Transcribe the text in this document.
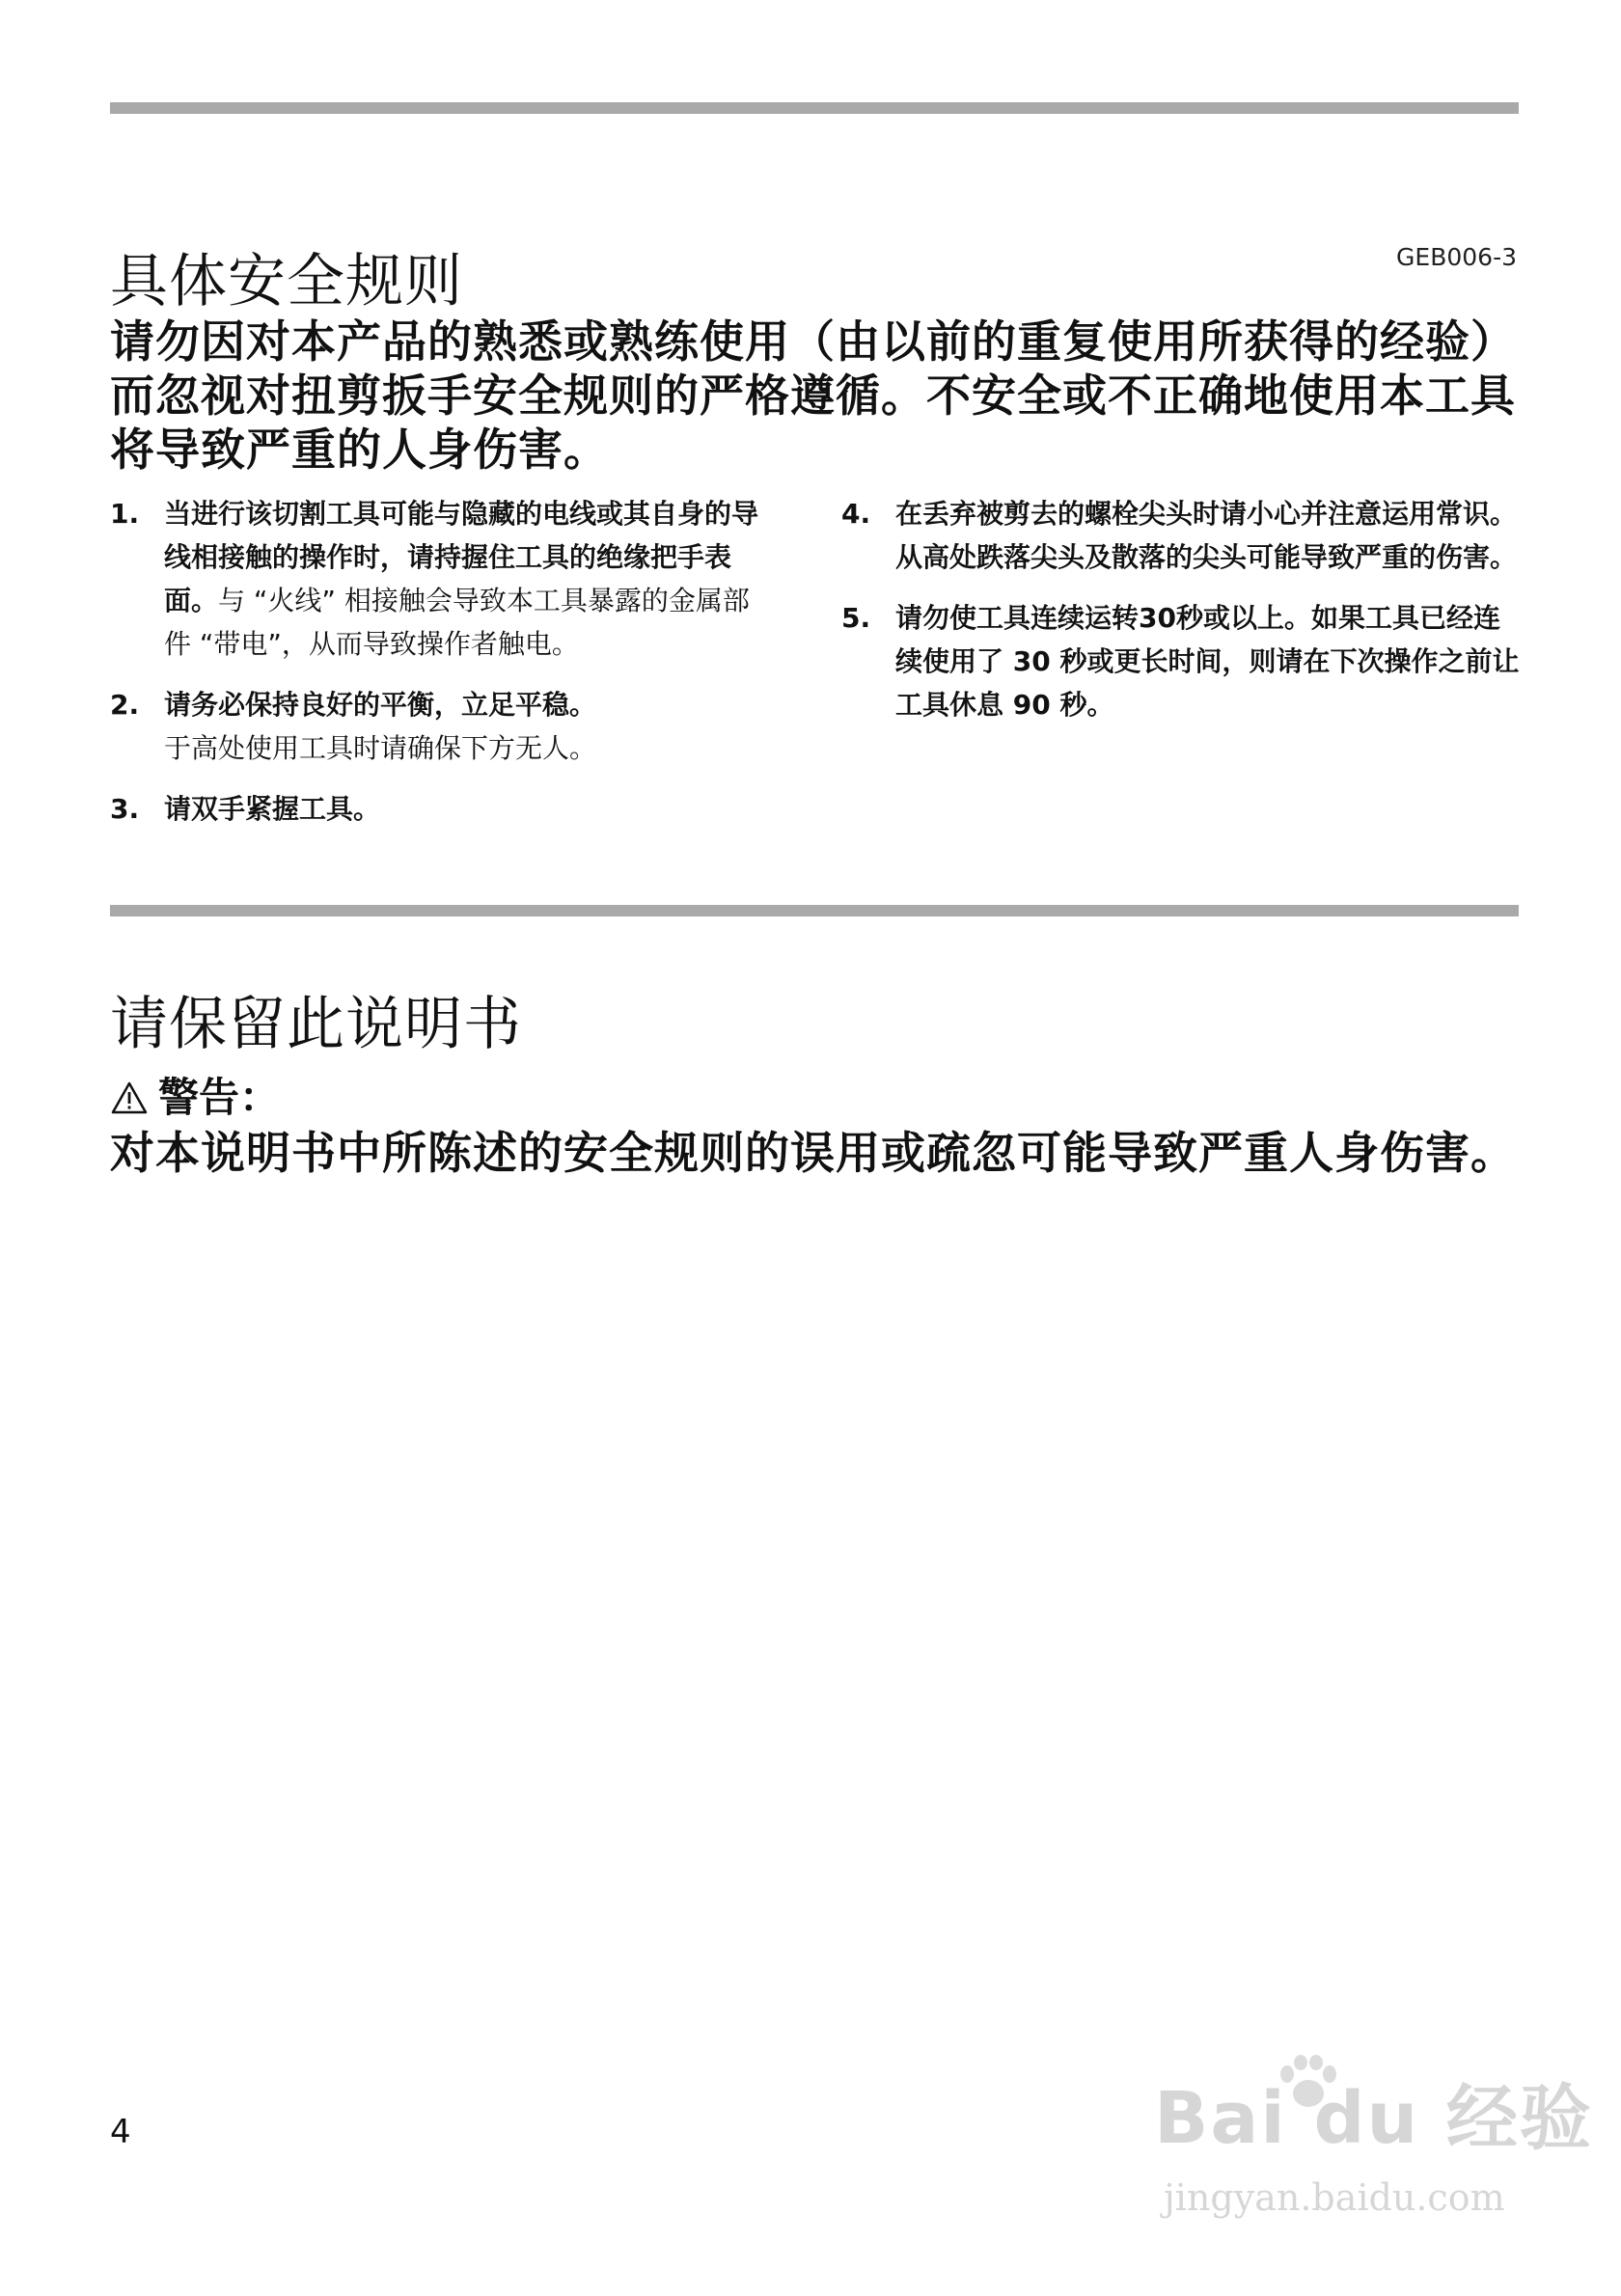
具体安全规则	GEB006-3
请勿因对本产品的熟悉或熟练使用（由以前的重复使用所获得的经验）而忽视对扭剪扳手安全规则的严格遵循。不安全或不正确地使用本工具将导致严重的人身伤害。
1. 当进行该切割工具可能与隐藏的电线或其自身的导线相接触的操作时，请持握住工具的绝缘把手表面。与 “火线” 相接触会导致本工具暴露的金属部件 “带电”，从而导致操作者触电。
2. 请务必保持良好的平衡，立足平稳。
于高处使用工具时请确保下方无人。
3. 请双手紧握工具。
4. 在丢弃被剪去的螺栓尖头时请小心并注意运用常识。从高处跌落尖头及散落的尖头可能导致严重的伤害。
5. 请勿使工具连续运转30秒或以上。如果工具已经连续使用了 30 秒或更长时间，则请在下次操作之前让工具休息 90 秒。
请保留此说明书
警告：
对本说明书中所陈述的安全规则的误用或疏忽可能导致严重人身伤害。
4	Bai du 经验
jingyan.baidu.com
